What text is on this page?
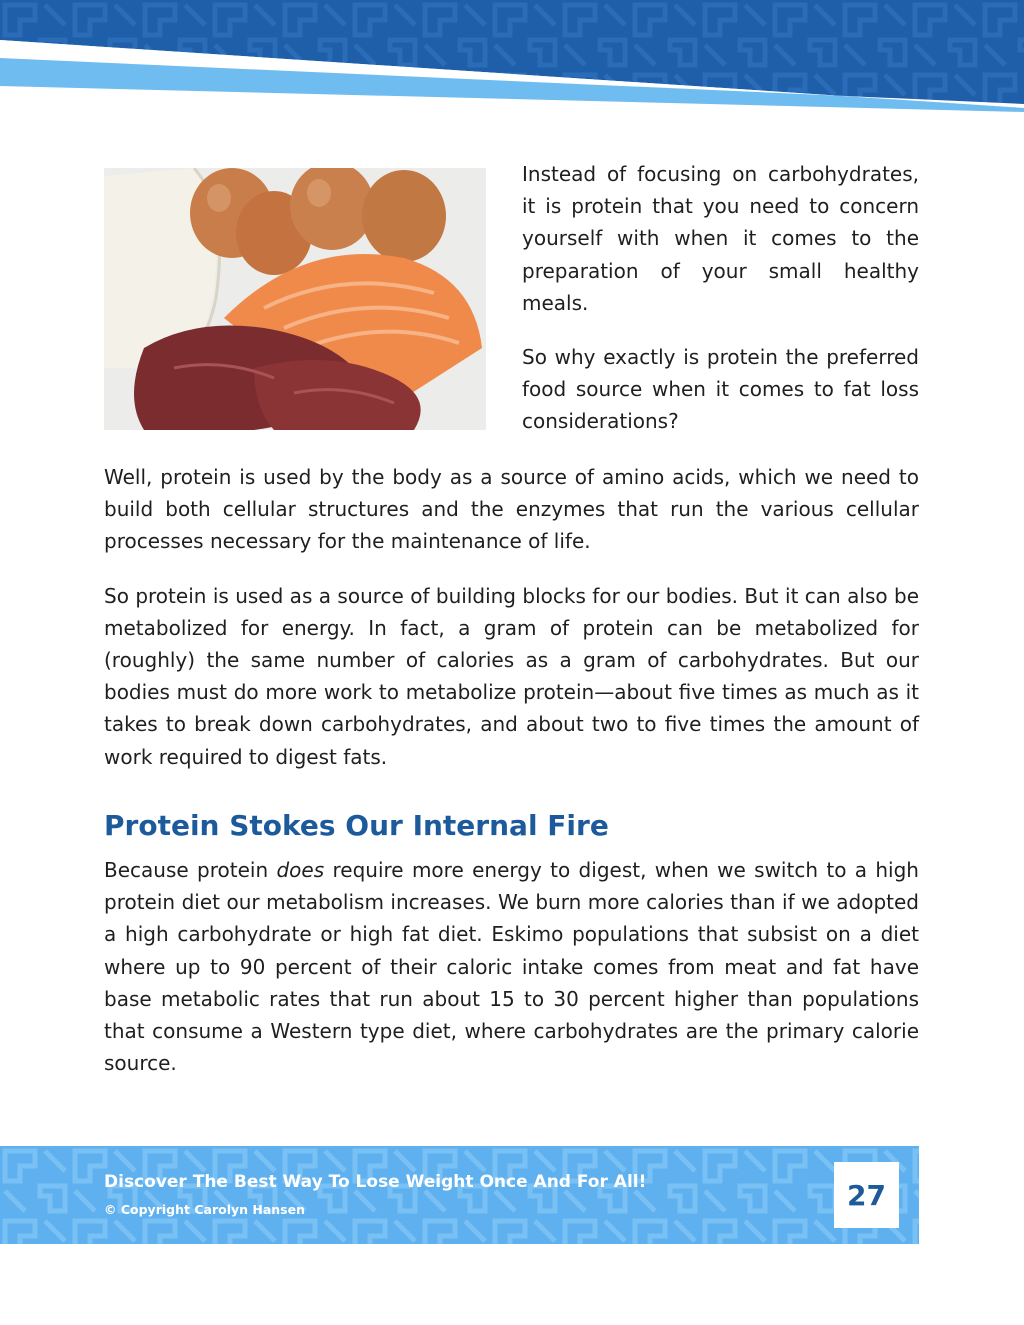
Instead of focusing on carbohydrates, it is protein that you need to concern yourself with when it comes to the preparation of your small healthy meals.

So why exactly is protein the preferred food source when it comes to fat loss considerations?

Well, protein is used by the body as a source of amino acids, which we need to build both cellular structures and the enzymes that run the various cellular processes necessary for the maintenance of life.

So protein is used as a source of building blocks for our bodies. But it can also be metabolized for energy. In fact, a gram of protein can be metabolized for (roughly) the same number of calories as a gram of carbohydrates. But our bodies must do more work to metabolize protein—about five times as much as it takes to break down carbohydrates, and about two to five times the amount of work required to digest fats.

Protein Stokes Our Internal Fire

Because protein does require more energy to digest, when we switch to a high protein diet our metabolism increases. We burn more calories than if we adopted a high carbohydrate or high fat diet. Eskimo populations that subsist on a diet where up to 90 percent of their caloric intake comes from meat and fat have base metabolic rates that run about 15 to 30 percent higher than populations that consume a Western type diet, where carbohydrates are the primary calorie source.

Discover The Best Way To Lose Weight Once And For All!
© Copyright Carolyn Hansen	27
